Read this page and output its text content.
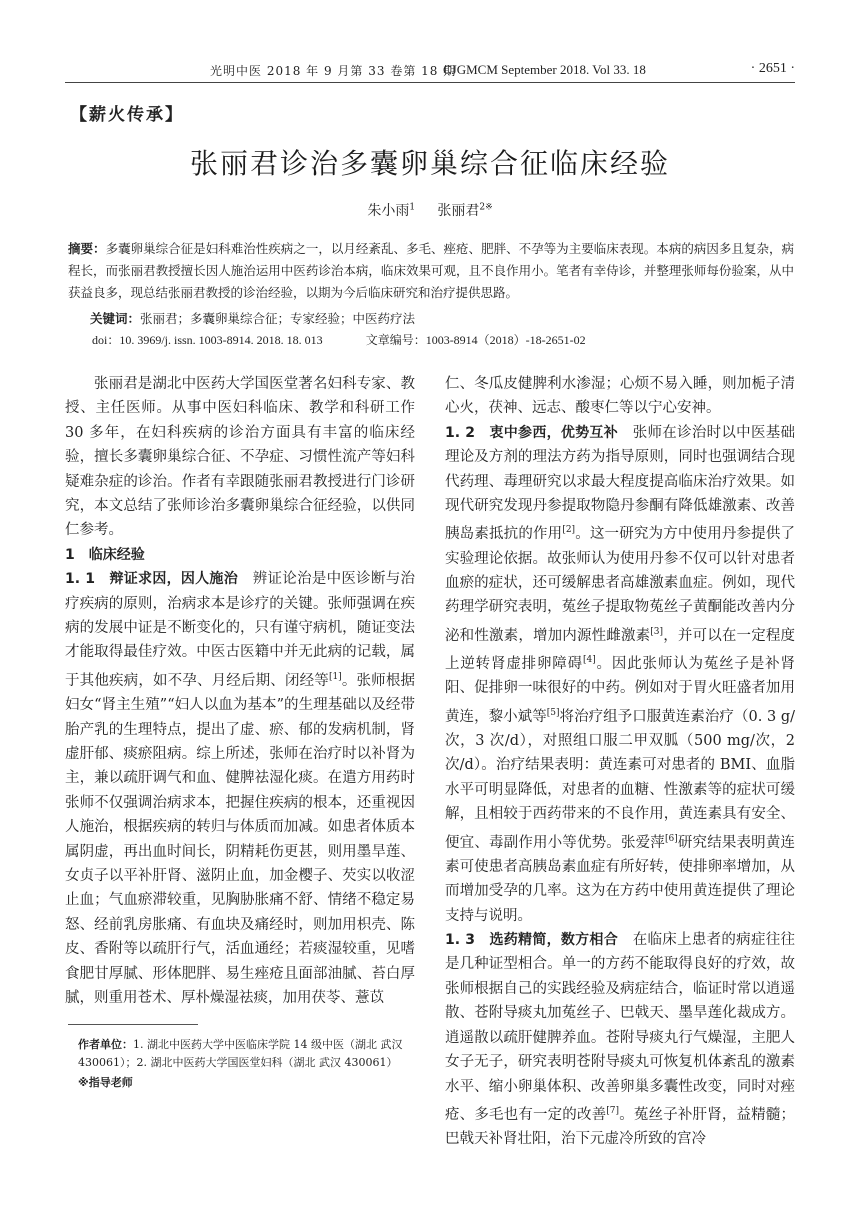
光明中医 2018 年 9 月第 33 卷第 18 期
CJGMCM September 2018. Vol 33. 18	· 2651 ·
【薪火传承】
张丽君诊治多囊卵巢综合征临床经验
朱小雨$^1$ 张丽君$^{2※}$
摘要：多囊卵巢综合征是妇科难治性疾病之一，以月经紊乱、多毛、痤疮、肥胖、不孕等为主要临床表现。本病的病因多且复杂，病程长，而张丽君教授擅长因人施治运用中医药诊治本病，临床效果可观，且不良作用小。笔者有幸侍诊，并整理张师每份验案，从中获益良多，现总结张丽君教授的诊治经验，以期为今后临床研究和治疗提供思路。
关键词：张丽君；多囊卵巢综合征；专家经验；中医药疗法
doi：10. 3969/j. issn. 1003-8914. 2018. 18. 013	文章编号：1003-8914（2018）-18-2651-02

张丽君是湖北中医药大学国医堂著名妇科专家、教授、主任医师。从事中医妇科临床、教学和科研工作 30 多年，在妇科疾病的诊治方面具有丰富的临床经验，擅长多囊卵巢综合征、不孕症、习惯性流产等妇科疑难杂症的诊治。作者有幸跟随张丽君教授进行门诊研究，本文总结了张师诊治多囊卵巢综合征经验，以供同仁参考。

1　临床经验

1. 1　辩证求因，因人施治　辨证论治是中医诊断与治疗疾病的原则，治病求本是诊疗的关键。张师强调在疾病的发展中证是不断变化的，只有谨守病机，随证变法才能取得最佳疗效。中医古医籍中并无此病的记载，属于其他疾病，如不孕、月经后期、闭经等[1]。张师根据妇女“肾主生殖”“妇人以血为基本”的生理基础以及经带胎产乳的生理特点，提出了虚、瘀、郁的发病机制，肾虚肝郁、痰瘀阻病。综上所述，张师在治疗时以补肾为主，兼以疏肝调气和血、健脾祛湿化痰。在遣方用药时张师不仅强调治病求本，把握住疾病的根本，还重视因人施治，根据疾病的转归与体质而加减。如患者体质本属阴虚，再出血时间长，阴精耗伤更甚，则用墨旱莲、女贞子以平补肝肾、滋阴止血，加金樱子、芡实以收涩止血；气血瘀滞较重，见胸胁胀痛不舒、情绪不稳定易怒、经前乳房胀痛、有血块及痛经时，则加用枳壳、陈皮、香附等以疏肝行气，活血通经；若痰湿较重，见嗜食肥甘厚腻、形体肥胖、易生痤疮且面部油腻、苔白厚腻，则重用苍术、厚朴燥湿祛痰，加用茯苓、薏苡

仁、冬瓜皮健脾利水渗湿；心烦不易入睡，则加栀子清心火，茯神、远志、酸枣仁等以宁心安神。

1. 2　衷中参西，优势互补　张师在诊治时以中医基础理论及方剂的理法方药为指导原则，同时也强调结合现代药理、毒理研究以求最大程度提高临床治疗效果。如现代研究发现丹参提取物隐丹参酮有降低雄激素、改善胰岛素抵抗的作用[2]。这一研究为方中使用丹参提供了实验理论依据。故张师认为使用丹参不仅可以针对患者血瘀的症状，还可缓解患者高雄激素血症。例如，现代药理学研究表明，菟丝子提取物菟丝子黄酮能改善内分泌和性激素，增加内源性雌激素[3]，并可以在一定程度上逆转肾虚排卵障碍[4]。因此张师认为菟丝子是补肾阳、促排卵一味很好的中药。例如对于胃火旺盛者加用黄连，黎小斌等[5]将治疗组予口服黄连素治疗（0. 3 g/次，3 次/d），对照组口服二甲双胍（500 mg/次，2 次/d）。治疗结果表明：黄连素可对患者的 BMI、血脂水平可明显降低，对患者的血糖、性激素等的症状可缓解，且相较于西药带来的不良作用，黄连素具有安全、便宜、毒副作用小等优势。张爱萍[6]研究结果表明黄连素可使患者高胰岛素血症有所好转，使排卵率增加，从而增加受孕的几率。这为在方药中使用黄连提供了理论支持与说明。

1. 3　选药精简，数方相合　在临床上患者的病症往往是几种证型相合。单一的方药不能取得良好的疗效，故张师根据自己的实践经验及病症结合，临证时常以逍遥散、苍附导痰丸加菟丝子、巴戟天、墨旱莲化裁成方。逍遥散以疏肝健脾养血。苍附导痰丸行气燥湿，主肥人女子无子，研究表明苍附导痰丸可恢复机体紊乱的激素水平、缩小卵巢体积、改善卵巢多囊性改变，同时对痤疮、多毛也有一定的改善[7]。菟丝子补肝肾，益精髓；巴戟天补肾壮阳，治下元虚冷所致的宫冷

作者单位：1. 湖北中医药大学中医临床学院 14 级中医（湖北 武汉 430061）；2. 湖北中医药大学国医堂妇科（湖北 武汉 430061）
※指导老师
